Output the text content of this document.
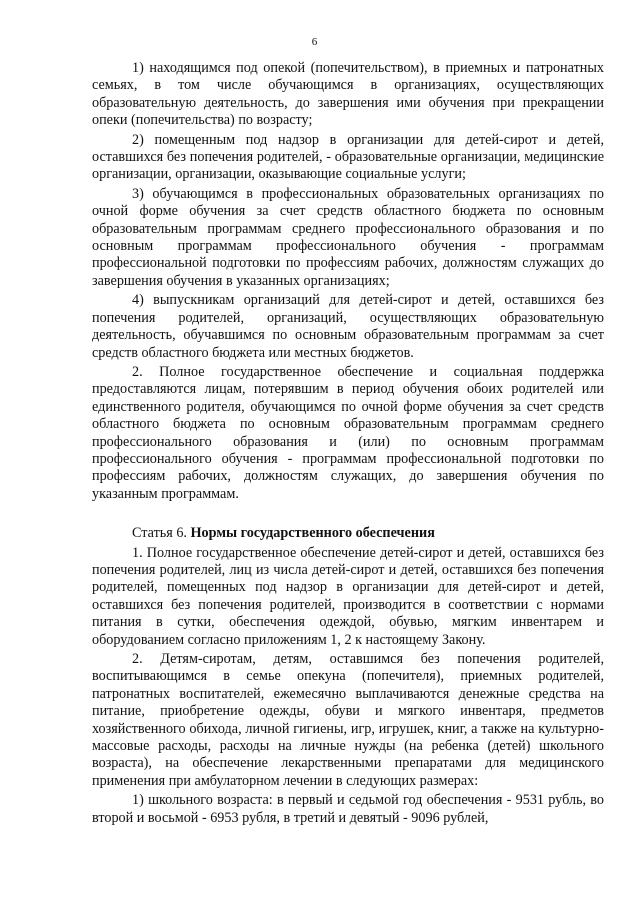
6

1) находящимся под опекой (попечительством), в приемных и патронатных семьях, в том числе обучающимся в организациях, осуществляющих образовательную деятельность, до завершения ими обучения при прекращении опеки (попечительства) по возрасту;

2) помещенным под надзор в организации для детей-сирот и детей, оставшихся без попечения родителей, - образовательные организации, медицинские организации, организации, оказывающие социальные услуги;

3) обучающимся в профессиональных образовательных организациях по очной форме обучения за счет средств областного бюджета по основным образовательным программам среднего профессионального образования и по основным программам профессионального обучения - программам профессиональной подготовки по профессиям рабочих, должностям служащих до завершения обучения в указанных организациях;

4) выпускникам организаций для детей-сирот и детей, оставшихся без попечения родителей, организаций, осуществляющих образовательную деятельность, обучавшимся по основным образовательным программам за счет средств областного бюджета или местных бюджетов.

2. Полное государственное обеспечение и социальная поддержка предоставляются лицам, потерявшим в период обучения обоих родителей или единственного родителя, обучающимся по очной форме обучения за счет средств областного бюджета по основным образовательным программам среднего профессионального образования и (или) по основным программам профессионального обучения - программам профессиональной подготовки по профессиям рабочих, должностям служащих, до завершения обучения по указанным программам.

Статья 6. Нормы государственного обеспечения

1. Полное государственное обеспечение детей-сирот и детей, оставшихся без попечения родителей, лиц из числа детей-сирот и детей, оставшихся без попечения родителей, помещенных под надзор в организации для детей-сирот и детей, оставшихся без попечения родителей, производится в соответствии с нормами питания в сутки, обеспечения одеждой, обувью, мягким инвентарем и оборудованием согласно приложениям 1, 2 к настоящему Закону.

2. Детям-сиротам, детям, оставшимся без попечения родителей, воспитывающимся в семье опекуна (попечителя), приемных родителей, патронатных воспитателей, ежемесячно выплачиваются денежные средства на питание, приобретение одежды, обуви и мягкого инвентаря, предметов хозяйственного обихода, личной гигиены, игр, игрушек, книг, а также на культурно-массовые расходы, расходы на личные нужды (на ребенка (детей) школьного возраста), на обеспечение лекарственными препаратами для медицинского применения при амбулаторном лечении в следующих размерах:

1) школьного возраста: в первый и седьмой год обеспечения - 9531 рубль, во второй и восьмой - 6953 рубля, в третий и девятый - 9096 рублей,
